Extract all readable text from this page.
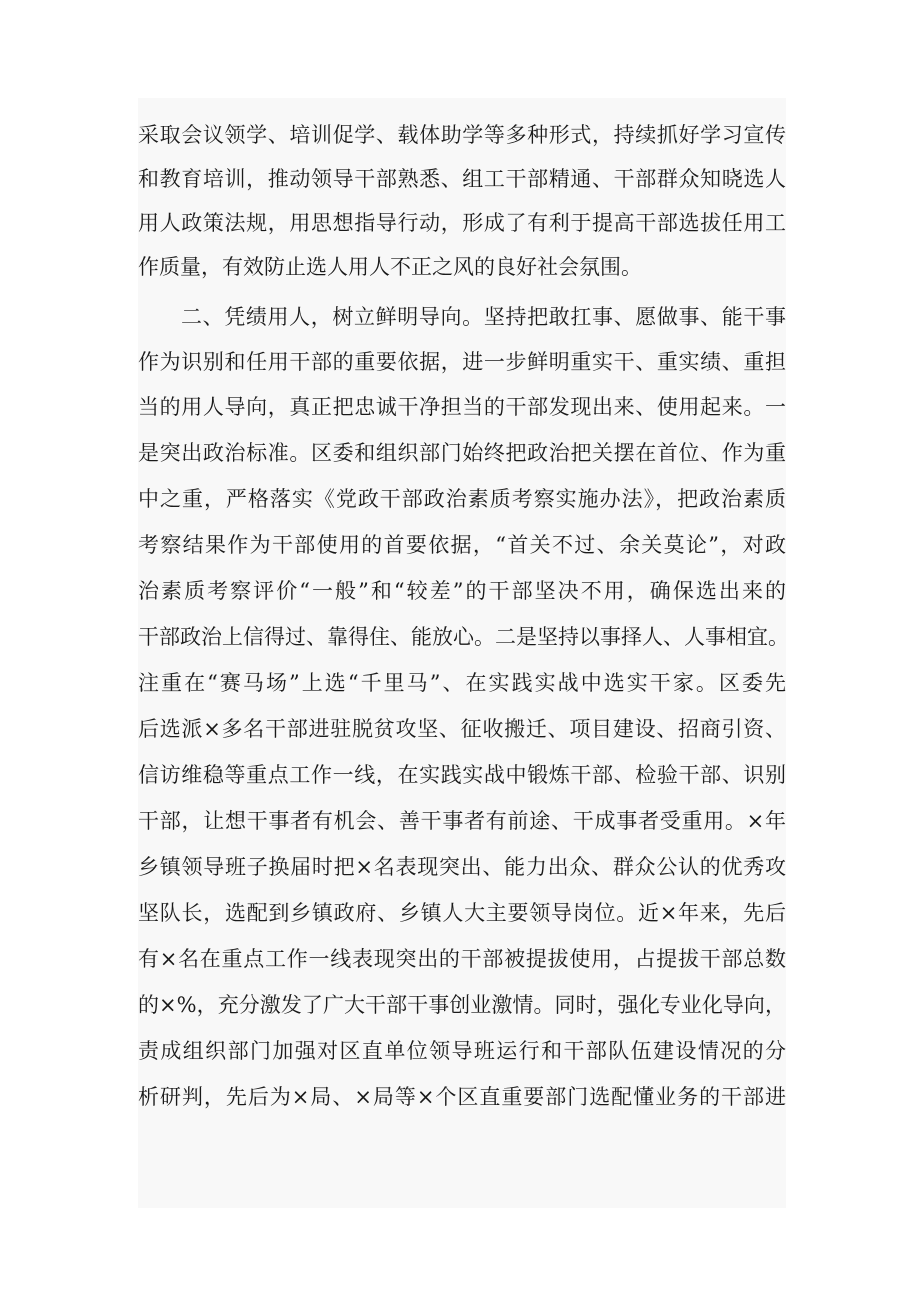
采取会议领学、培训促学、载体助学等多种形式，持续抓好学习宣传
和教育培训，推动领导干部熟悉、组工干部精通、干部群众知晓选人
用人政策法规，用思想指导行动，形成了有利于提高干部选拔任用工
作质量，有效防止选人用人不正之风的良好社会氛围。
二、凭绩用人，树立鲜明导向。坚持把敢扛事、愿做事、能干事
作为识别和任用干部的重要依据，进一步鲜明重实干、重实绩、重担
当的用人导向，真正把忠诚干净担当的干部发现出来、使用起来。一
是突出政治标准。区委和组织部门始终把政治把关摆在首位、作为重
中之重，严格落实《党政干部政治素质考察实施办法》，把政治素质
考察结果作为干部使用的首要依据，“首关不过、余关莫论”，对政
治素质考察评价“一般”和“较差”的干部坚决不用，确保选出来的
干部政治上信得过、靠得住、能放心。二是坚持以事择人、人事相宜。
注重在“赛马场”上选“千里马”、在实践实战中选实干家。区委先
后选派×多名干部进驻脱贫攻坚、征收搬迁、项目建设、招商引资、
信访维稳等重点工作一线，在实践实战中锻炼干部、检验干部、识别
干部，让想干事者有机会、善干事者有前途、干成事者受重用。×年
乡镇领导班子换届时把×名表现突出、能力出众、群众公认的优秀攻
坚队长，选配到乡镇政府、乡镇人大主要领导岗位。近×年来，先后
有×名在重点工作一线表现突出的干部被提拔使用，占提拔干部总数
的×%，充分激发了广大干部干事创业激情。同时，强化专业化导向，
责成组织部门加强对区直单位领导班运行和干部队伍建设情况的分
析研判，先后为×局、×局等×个区直重要部门选配懂业务的干部进
